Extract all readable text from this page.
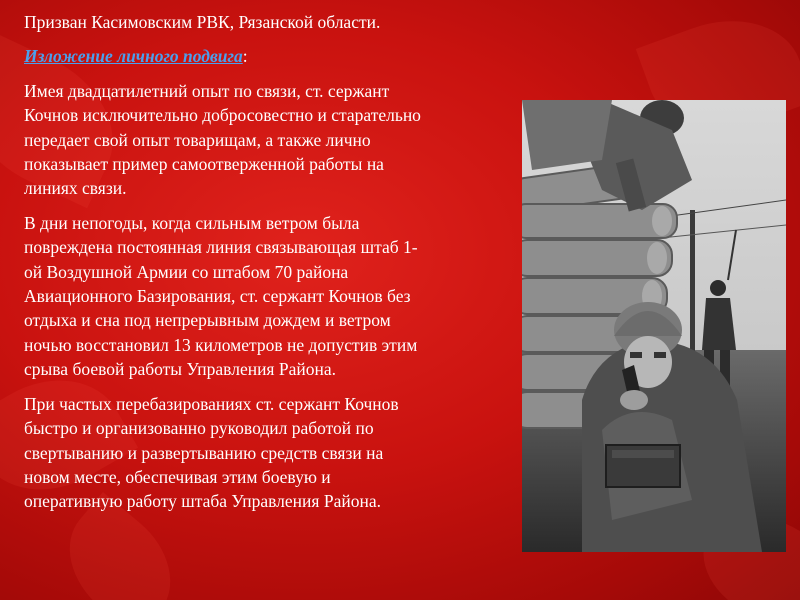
Призван Касимовским РВК, Рязанской области.

Изложение личного подвига:

Имея двадцатилетний опыт по связи, ст. сержант
Кочнов исключительно добросовестно и старательно
передает свой опыт товарищам, а также лично
показывает пример самоотверженной работы на
линиях связи.

В дни непогоды, когда сильным ветром была
повреждена постоянная линия связывающая штаб 1-
ой Воздушной Армии со штабом 70 района
Авиационного Базирования, ст. сержант Кочнов без
отдыха и сна под непрерывным дождем и ветром
ночью восстановил 13 километров не допустив этим
срыва боевой работы Управления Района.

При частых перебазированиях ст. сержант Кочнов
быстро и организованно руководил работой по
свертыванию и развертыванию средств связи на
новом месте, обеспечивая этим боевую и
оперативную работу штаба Управления Района.
